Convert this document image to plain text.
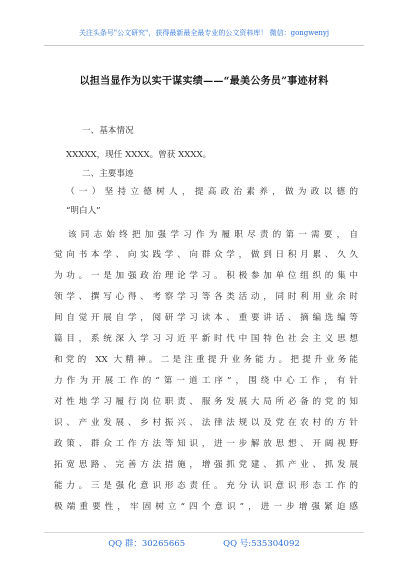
关注头条号"公文研究"，获得最新最全最专业的公文资料库！ 微信：gongwenyj
以担当显作为以实干谋实绩——“最美公务员”事迹材料
一、基本情况
XXXXX，现任 XXXX。曾获 XXXX。
二、主要事迹
（一）坚持立德树人，提高政治素养，做为政以德的
“明白人”
该同志始终把加强学习作为履职尽责的第一需要，自
觉向书本学、向实践学、向群众学，做到日积月累、久久
为功。一是加强政治理论学习。积极参加单位组织的集中
领学、撰写心得、考察学习等各类活动，同时利用业余时
间自觉开展自学，阅研学习读本、重要讲话、摘编选编等
篇目，系统深入学习习近平新时代中国特色社会主义思想
和党的 XX 大精神。二是注重提升业务能力。把提升业务能
力作为开展工作的“第一道工序”，围绕中心工作，有针
对性地学习履行岗位职责、服务发展大局所必备的党的知
识、产业发展、乡村振兴、法律法规以及党在农村的方针
政策、群众工作方法等知识，进一步解放思想、开阔视野
拓宽思路、完善方法措施，增强抓党建、抓产业、抓发展
能力。三是强化意识形态责任。充分认识意识形态工作的
极端重要性，牢固树立“四个意识”，进一步增强紧迫感
QQ 群：30265665	QQ 号:535304092
